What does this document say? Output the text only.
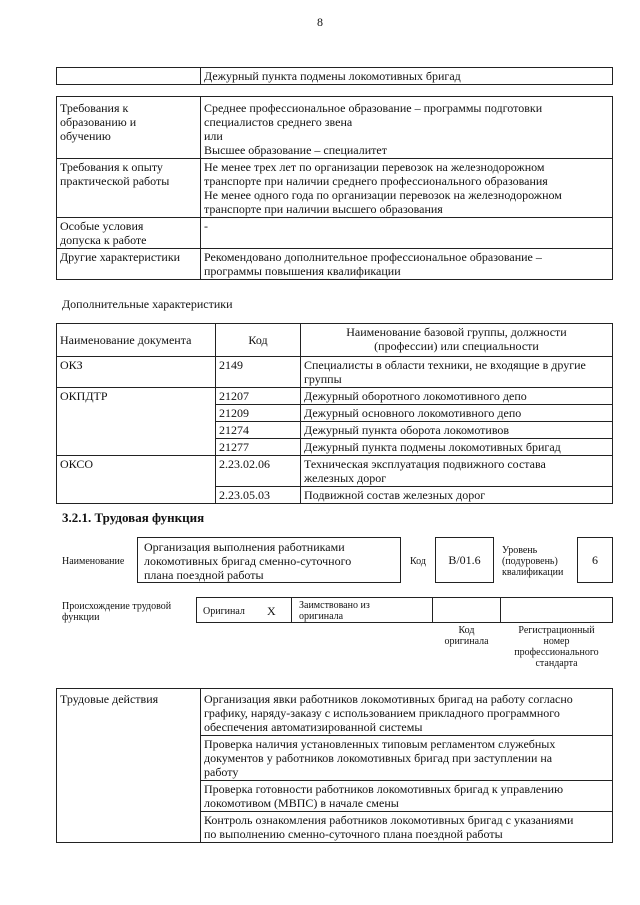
8
	Дежурный пункта подмены локомотивных бригад
Требования к
образованию и
обучению	Среднее профессиональное образование – программы подготовки
специалистов среднего звена
или
Высшее образование – специалитет

Требования к опыту
практической работы	Не менее трех лет по организации перевозок на железнодорожном
транспорте при наличии среднего профессионального образования
Не менее одного года по организации перевозок на железнодорожном
транспорте при наличии высшего образования

Особые условия
допуска к работе	-
Другие характеристики	Рекомендовано дополнительное профессиональное образование –
программы повышения квалификации
Дополнительные характеристики
Наименование документа	Код	Наименование базовой группы, должности
(профессии) или специальности

ОКЗ	2149	Специалисты в области техники, не входящие в другие
группы

ОКПДТР	21207	Дежурный оборотного локомотивного депо
	21209	Дежурный основного локомотивного депо
	21274	Дежурный пункта оборота локомотивов
	21277	Дежурный пункта подмены локомотивных бригад
ОКСО	2.23.02.06	Техническая эксплуатация подвижного состава
железных дорог

	2.23.05.03	Подвижной состав железных дорог
3.2.1. Трудовая функция
Наименование
Организация выполнения работниками
локомотивных бригад сменно-суточного
плана поездной работы
Код	В/01.6
Уровень
(подуровень)
квалификации
6
Происхождение трудовой
функции
Оригинал X Заимствовано из
оригинала
Код
оригинала
Регистрационный
номер
профессионального
стандарта
Трудовые действия	Организация явки работников локомотивных бригад на работу согласно
графику, наряду-заказу с использованием прикладного программного
обеспечения автоматизированной системы

Проверка наличия установленных типовым регламентом служебных
документов у работников локомотивных бригад при заступлении на
работу

Проверка готовности работников локомотивных бригад к управлению
локомотивом (МВПС) в начале смены

Контроль ознакомления работников локомотивных бригад с указаниями
по выполнению сменно-суточного плана поездной работы
